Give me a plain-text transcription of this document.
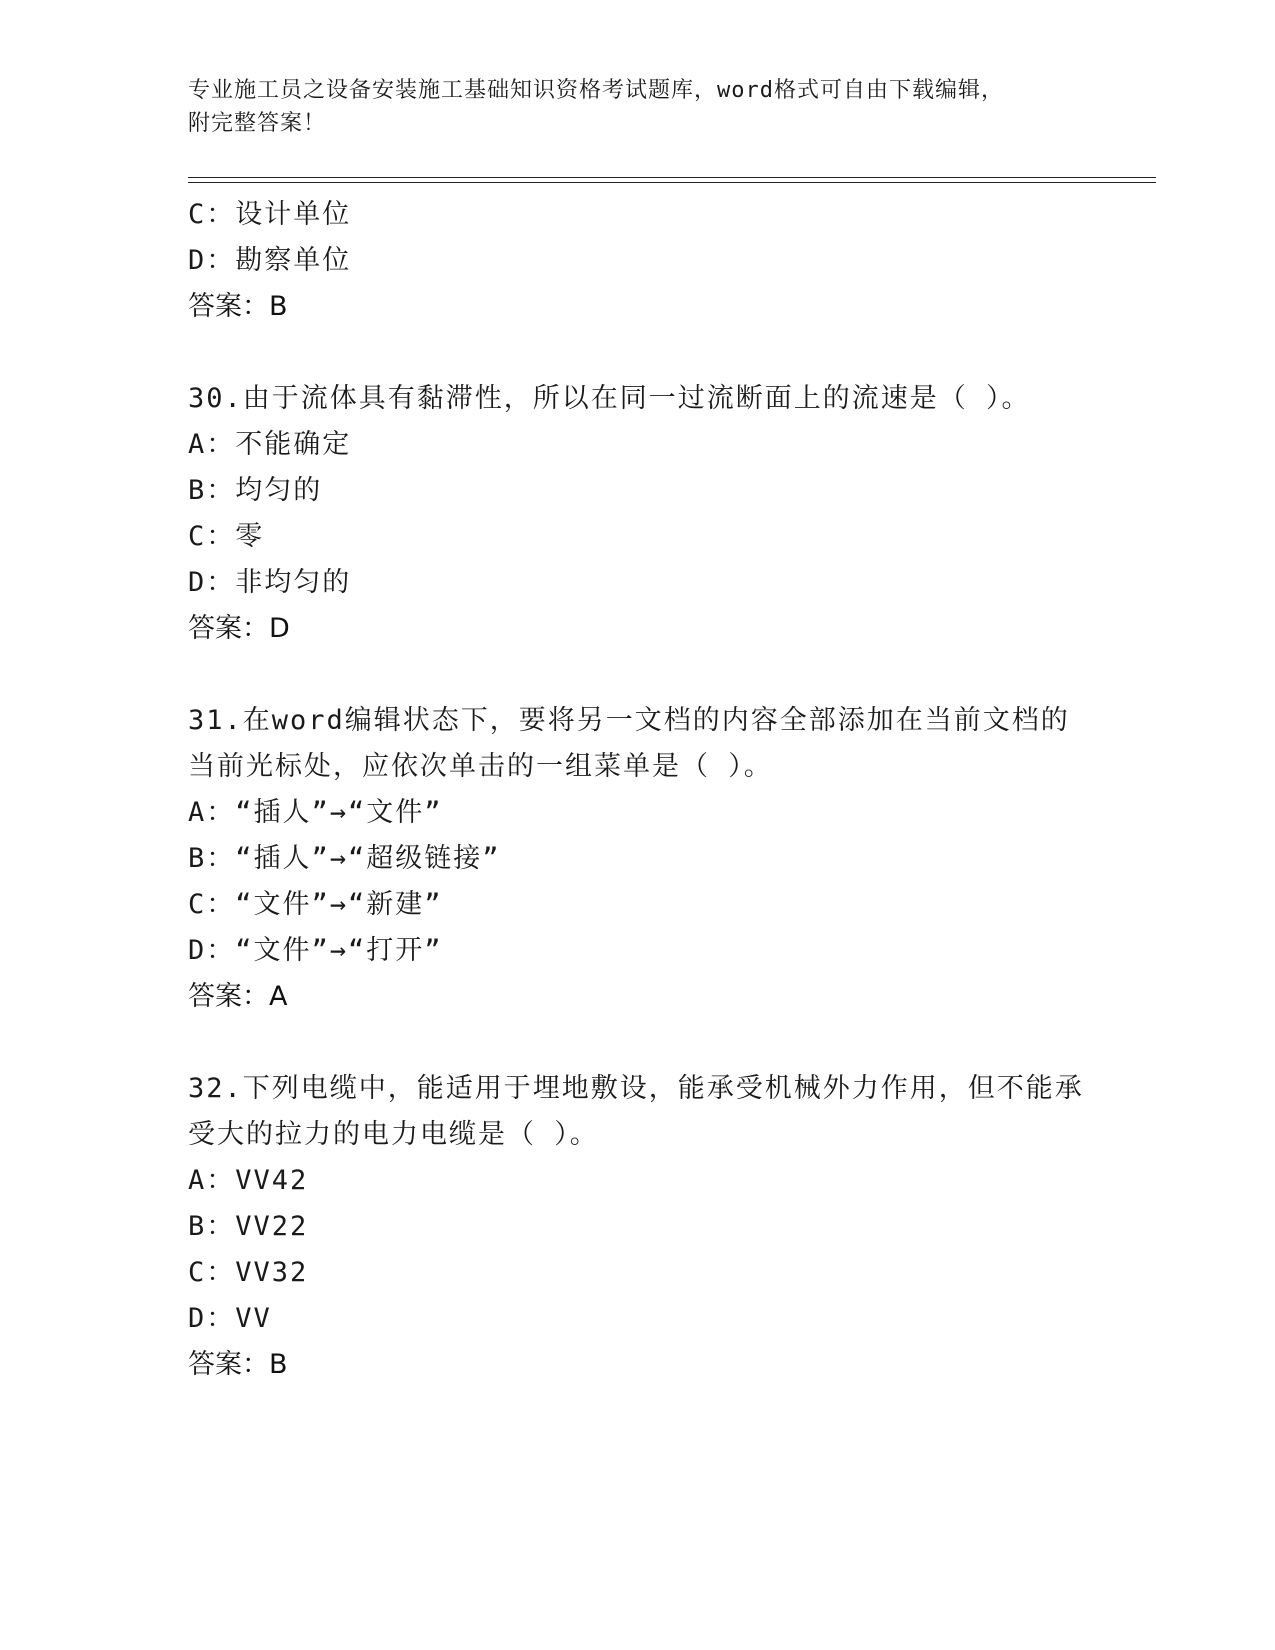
专业施工员之设备安装施工基础知识资格考试题库，word格式可自由下载编辑，
附完整答案！
C：设计单位
D：勘察单位
答案：B
30.由于流体具有黏滞性，所以在同一过流断面上的流速是（ ）。
A：不能确定
B：均匀的
C：零
D：非均匀的
答案：D
31.在word编辑状态下，要将另一文档的内容全部添加在当前文档的
当前光标处，应依次单击的一组菜单是（ ）。
A：“插人”→“文件”
B：“插人”→“超级链接”
C：“文件”→“新建”
D：“文件”→“打开”
答案：A
32.下列电缆中，能适用于埋地敷设，能承受机械外力作用，但不能承
受大的拉力的电力电缆是（ ）。
A：VV42
B：VV22
C：VV32
D：VV
答案：B
